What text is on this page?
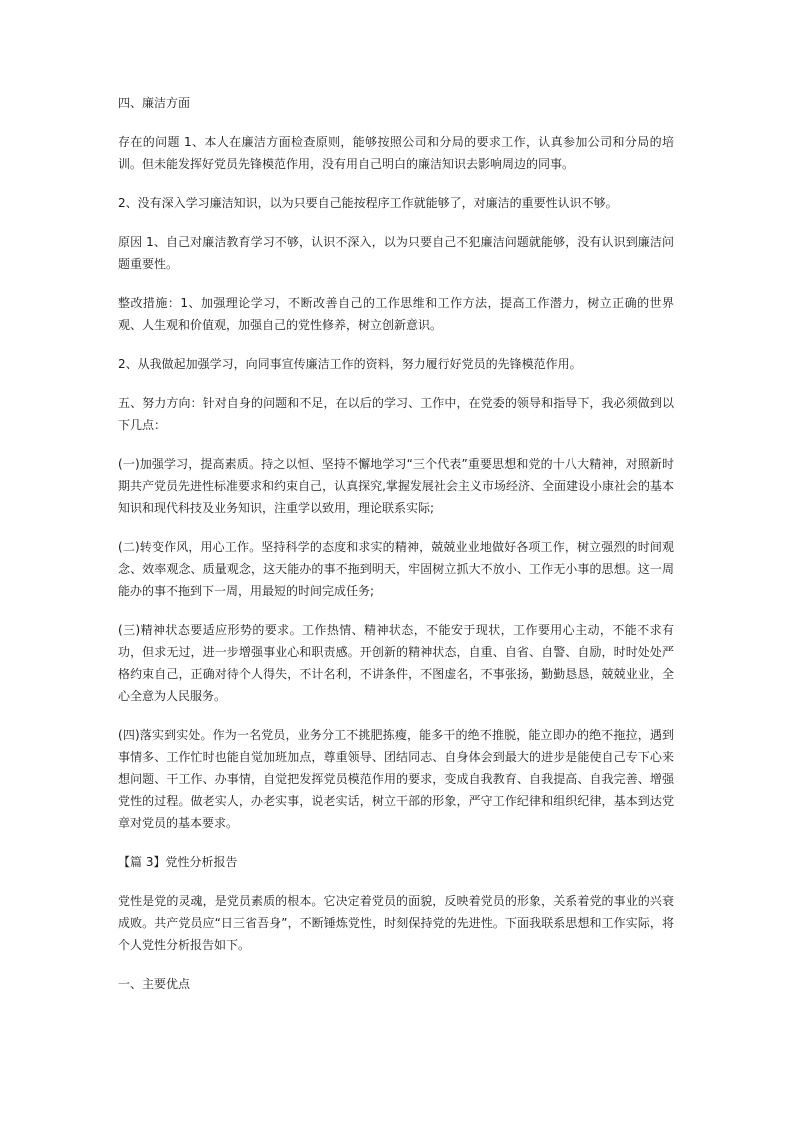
四、廉洁方面

存在的问题 1、本人在廉洁方面检查原则，能够按照公司和分局的要求工作，认真参加公司和分局的培训。但未能发挥好党员先锋模范作用，没有用自己明白的廉洁知识去影响周边的同事。

2、没有深入学习廉洁知识，以为只要自己能按程序工作就能够了，对廉洁的重要性认识不够。

原因 1、自己对廉洁教育学习不够，认识不深入，以为只要自己不犯廉洁问题就能够，没有认识到廉洁问题重要性。

整改措施：1、加强理论学习，不断改善自己的工作思维和工作方法，提高工作潜力，树立正确的世界观、人生观和价值观，加强自己的党性修养，树立创新意识。

2、从我做起加强学习，向同事宣传廉洁工作的资料，努力履行好党员的先锋模范作用。

五、努力方向：针对自身的问题和不足，在以后的学习、工作中，在党委的领导和指导下，我必须做到以下几点：

(一)加强学习，提高素质。持之以恒、坚持不懈地学习“三个代表”重要思想和党的十八大精神，对照新时期共产党员先进性标准要求和约束自己，认真探究,掌握发展社会主义市场经济、全面建设小康社会的基本知识和现代科技及业务知识，注重学以致用，理论联系实际;

(二)转变作风，用心工作。坚持科学的态度和求实的精神，兢兢业业地做好各项工作，树立强烈的时间观念、效率观念、质量观念，这天能办的事不拖到明天，牢固树立抓大不放小、工作无小事的思想。这一周能办的事不拖到下一周，用最短的时间完成任务;

(三)精神状态要适应形势的要求。工作热情、精神状态，不能安于现状，工作要用心主动，不能不求有功，但求无过，进一步增强事业心和职责感。开创新的精神状态，自重、自省、自警、自励，时时处处严格约束自己，正确对待个人得失，不计名利，不讲条件，不图虚名，不事张扬，勤勤恳恳，兢兢业业，全心全意为人民服务。

(四)落实到实处。作为一名党员，业务分工不挑肥拣瘦，能多干的绝不推脱，能立即办的绝不拖拉，遇到事情多、工作忙时也能自觉加班加点，尊重领导、团结同志、自身体会到最大的进步是能使自己专下心来想问题、干工作、办事情，自觉把发挥党员模范作用的要求，变成自我教育、自我提高、自我完善、增强党性的过程。做老实人，办老实事，说老实话，树立干部的形象，严守工作纪律和组织纪律，基本到达党章对党员的基本要求。

【篇 3】党性分析报告

党性是党的灵魂，是党员素质的根本。它决定着党员的面貌，反映着党员的形象，关系着党的事业的兴衰成败。共产党员应“日三省吾身”，不断锤炼党性，时刻保持党的先进性。下面我联系思想和工作实际，将个人党性分析报告如下。

一、主要优点
